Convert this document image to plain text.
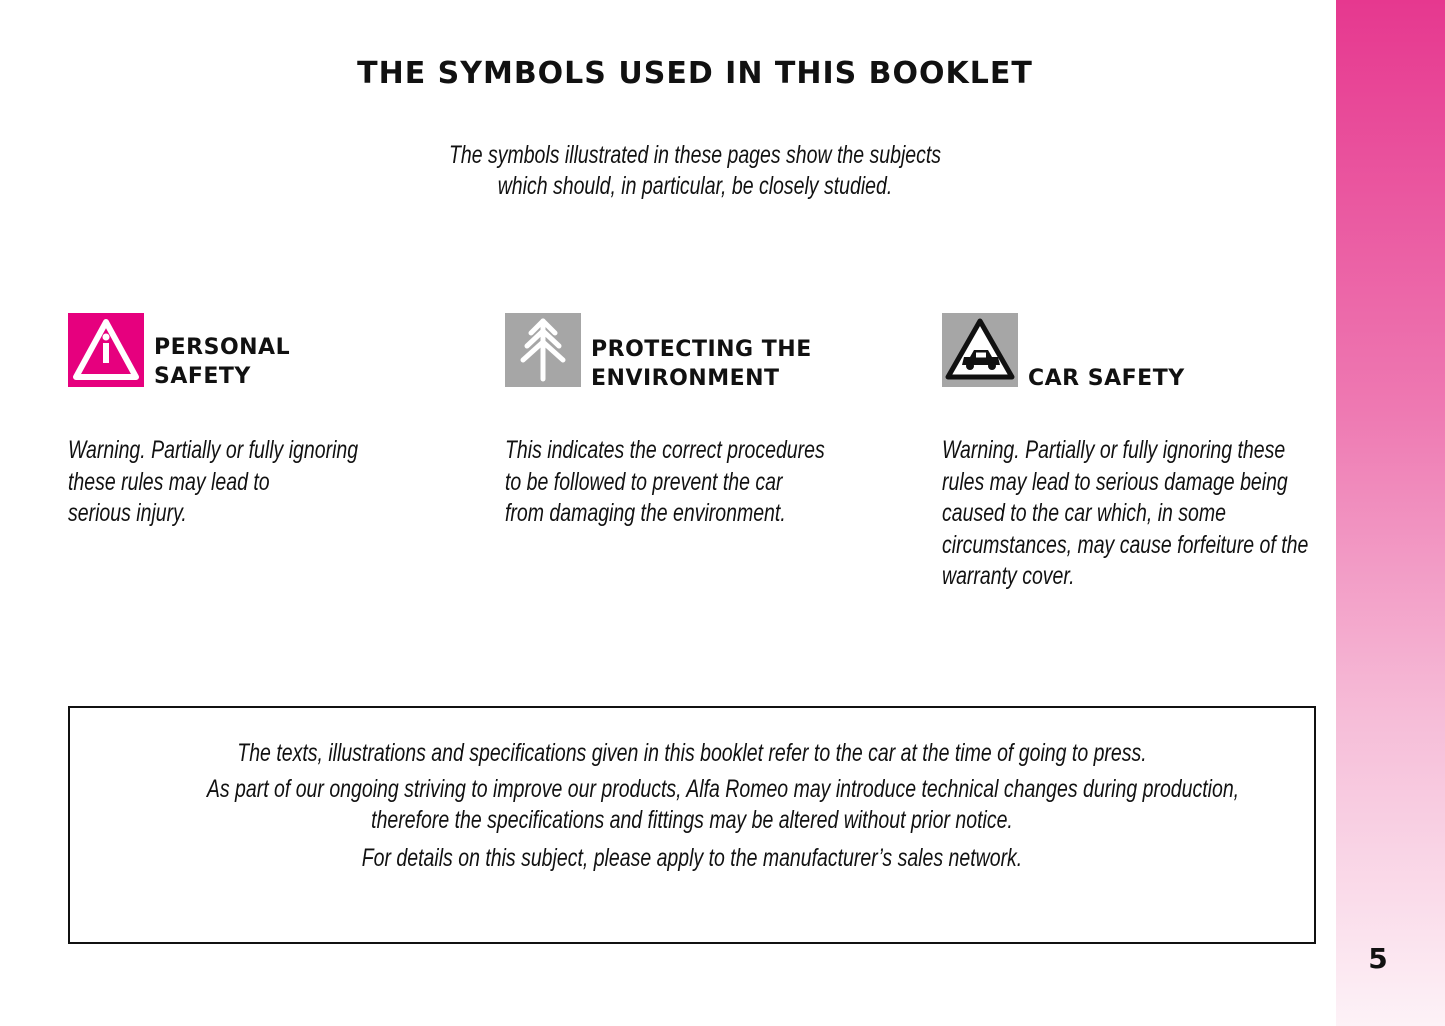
THE SYMBOLS USED IN THIS BOOKLET
The symbols illustrated in these pages show the subjects
which should, in particular, be closely studied.
PERSONAL
SAFETY
Warning. Partially or fully ignoring
these rules may lead to
serious injury.
PROTECTING THE
ENVIRONMENT
This indicates the correct procedures
to be followed to prevent the car
from damaging the environment.
CAR SAFETY
Warning. Partially or fully ignoring these
rules may lead to serious damage being
caused to the car which, in some
circumstances, may cause forfeiture of the
warranty cover.
The texts, illustrations and specifications given in this booklet refer to the car at the time of going to press.
As part of our ongoing striving to improve our products, Alfa Romeo may introduce technical changes during production,
therefore the specifications and fittings may be altered without prior notice.
For details on this subject, please apply to the manufacturer’s sales network.
5
